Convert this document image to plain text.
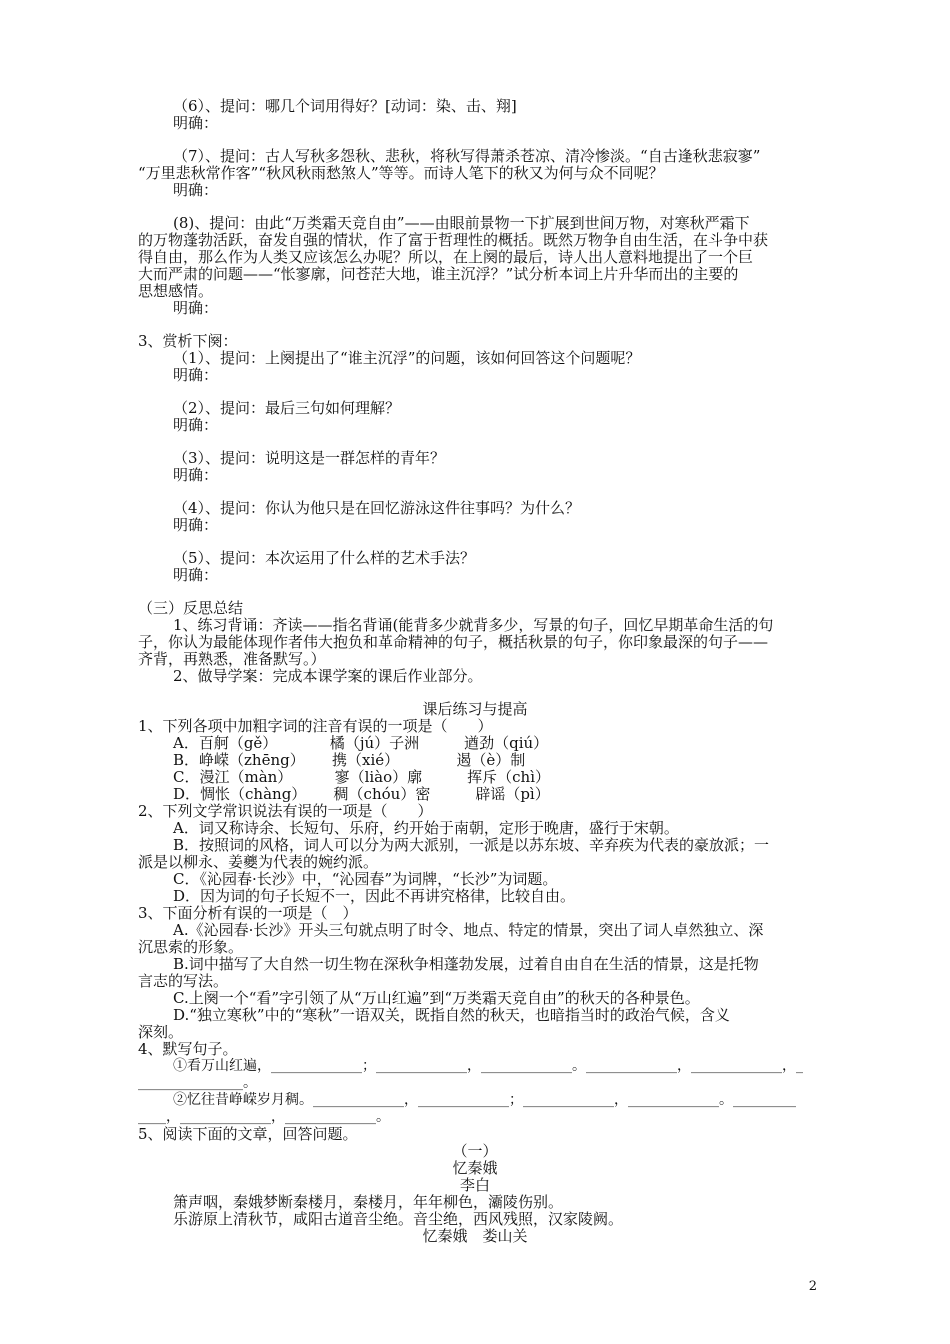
（6）、提问：哪几个词用得好？[动词：染、击、翔]
明确：
（7）、提问：古人写秋多怨秋、悲秋，将秋写得萧杀苍凉、清冷惨淡。“自古逢秋悲寂寥”
“万里悲秋常作客”“秋风秋雨愁煞人”等等。而诗人笔下的秋又为何与众不同呢？
明确：
(8)、提问：由此“万类霜天竞自由”——由眼前景物一下扩展到世间万物，对寒秋严霜下
的万物蓬勃活跃，奋发自强的情状，作了富于哲理性的概括。既然万物争自由生活，在斗争中获
得自由，那么作为人类又应该怎么办呢？所以，在上阕的最后，诗人出人意料地提出了一个巨
大而严肃的问题——“怅寥廓，问苍茫大地，谁主沉浮？”试分析本词上片升华而出的主要的
思想感情。
明确：
3、赏析下阕：
（1）、提问：上阕提出了“谁主沉浮”的问题，该如何回答这个问题呢？
明确：
（2）、提问：最后三句如何理解？
明确：
（3）、提问：说明这是一群怎样的青年？
明确：
（4）、提问：你认为他只是在回忆游泳这件往事吗？为什么？
明确：
（5）、提问：本次运用了什么样的艺术手法？
明确：
（三）反思总结
1、练习背诵：齐读——指名背诵(能背多少就背多少，写景的句子，回忆早期革命生活的句
子，你认为最能体现作者伟大抱负和革命精神的句子，概括秋景的句子，你印象最深的句子——
齐背，再熟悉，准备默写。）
2、做导学案：完成本课学案的课后作业部分。
课后练习与提高
1、下列各项中加粗字词的注音有误的一项是（　　）
A．百舸（gě）　　　　橘（jú）子洲　　　遒劲（qiú）
B．峥嵘（zhēng）　　 携（xié）　　　　 遏（è）制
C．漫江（màn）　　　 寥（liào）廓　　　挥斥（chì）
D．惆怅（chàng）　　 稠（chóu）密　　　辟谣（pì）
2、下列文学常识说法有误的一项是（　　）
A．词又称诗余、长短句、乐府，约开始于南朝，定形于晚唐，盛行于宋朝。
B．按照词的风格，词人可以分为两大派别，一派是以苏东坡、辛弃疾为代表的豪放派；一
派是以柳永、姜夔为代表的婉约派。
C．《沁园春·长沙》中，“沁园春”为词牌，“长沙”为词题。
D．因为词的句子长短不一，因此不再讲究格律，比较自由。
3、下面分析有误的一项是（　）
A.《沁园春·长沙》开头三句就点明了时令、地点、特定的情景，突出了词人卓然独立、深
沉思索的形象。
B.词中描写了大自然一切生物在深秋争相蓬勃发展，过着自由自在生活的情景，这是托物
言志的写法。
C.上阕一个“看”字引领了从“万山红遍”到“万类霜天竞自由”的秋天的各种景色。
D.“独立寒秋”中的“寒秋”一语双关，既指自然的秋天，也暗指当时的政治气候，含义
深刻。
4、默写句子。
①看万山红遍，_____________；_____________，_____________。_____________，_____________，_
_______________。
②忆往昔峥嵘岁月稠。_____________，_____________；_____________，_____________。_________
____，_____________，_____________。
5、阅读下面的文章，回答问题。
（一）
忆秦娥
李白
箫声咽，秦娥梦断秦楼月，秦楼月，年年柳色，灞陵伤别。
乐游原上清秋节，咸阳古道音尘绝。音尘绝，西风残照，汉家陵阙。
忆秦娥　娄山关
2
